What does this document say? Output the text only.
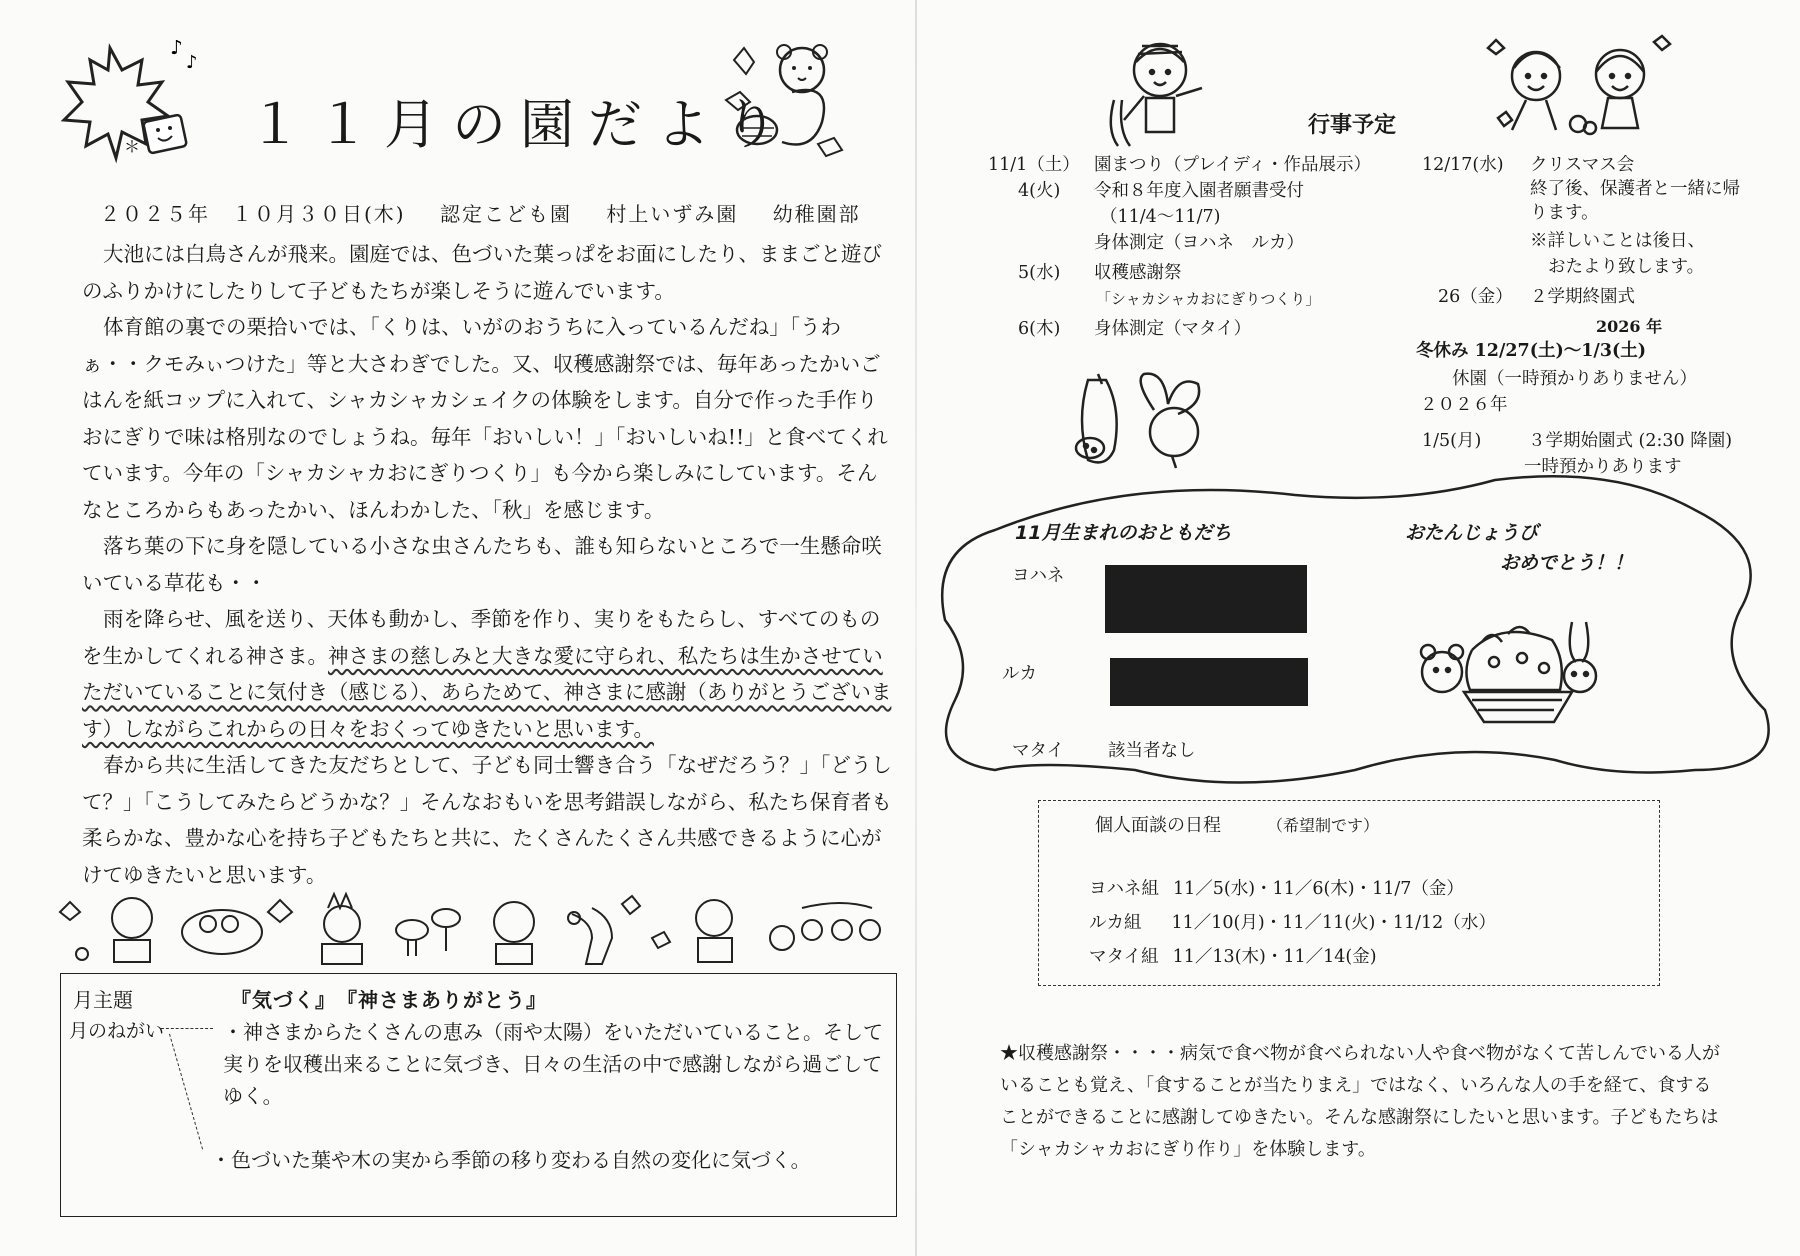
＊
♪
♪
１１月の園だより
２０２５年　１０月３０日(木) 認定こども園 村上いずみ園 幼稚園部

大池には白鳥さんが飛来。園庭では、色づいた葉っぱをお面にしたり、ままごと遊びのふりかけにしたりして子どもたちが楽しそうに遊んでいます。

体育館の裏での栗拾いでは、「くりは、いがのおうちに入っているんだね」「うわぁ・・クモみぃつけた」等と大さわぎでした。又、収穫感謝祭では、毎年あったかいごはんを紙コップに入れて、シャカシャカシェイクの体験をします。自分で作った手作りおにぎりで味は格別なのでしょうね。毎年「おいしい！」「おいしいね!!」と食べてくれています。今年の「シャカシャカおにぎりつくり」も今から楽しみにしています。そんなところからもあったかい、ほんわかした、「秋」を感じます。

落ち葉の下に身を隠している小さな虫さんたちも、誰も知らないところで一生懸命咲いている草花も・・

雨を降らせ、風を送り、天体も動かし、季節を作り、実りをもたらし、すべてのものを生かしてくれる神さま。神さまの慈しみと大きな愛に守られ、私たちは生かさせていただいていることに気付き（感じる）、あらためて、神さまに感謝（ありがとうございます）しながらこれからの日々をおくってゆきたいと思います。

春から共に生活してきた友だちとして、子ども同士響き合う「なぜだろう？」「どうして？」「こうしてみたらどうかな？」そんなおもいを思考錯誤しながら、私たち保育者も柔らかな、豊かな心を持ち子どもたちと共に、たくさんたくさん共感できるように心がけてゆきたいと思います。

月主題	『気づく』　『神さまありがとう』
月のねがい	・神さまからたくさんの恵み（雨や太陽）をいただいていること。そして実りを収穫出来ることに気づき、日々の生活の中で感謝しながら過ごしてゆく。
・色づいた葉や木の実から季節の移り変わる自然の変化に気づく。
行事予定
11/1（土） 園まつり（プレイディ・作品展示）
4(火) 令和８年度入園者願書受付
（11/4～11/7)
身体測定（ヨハネ　ルカ）
5(水) 収穫感謝祭
「シャカシャカおにぎりつくり」
6(木) 身体測定（マタイ）
12/17(水) クリスマス会
終了後、保護者と一緒に帰
ります。
※詳しいことは後日、
おたより致します。
26（金） ２学期終園式
2026 年
冬休み 12/27(土)～1/3(土)
休園（一時預かりありません）
２０２６年
1/5(月)	３学期始園式 (2:30 降園)
一時預かりあります
11月生まれのおともだち	おたんじょうび
おめでとう！！
ヨハネ
ルカ
マタイ	該当者なし
個人面談の日程	（希望制です）
ヨハネ組 11／5(水)・11／6(木)・11/7（金）
ルカ組 11／10(月)・11／11(火)・11/12（水）
マタイ組 11／13(木)・11／14(金)
★収穫感謝祭・・・・病気で食べ物が食べられない人や食べ物がなくて苦しんでいる人がいることも覚え、「食することが当たりまえ」ではなく、いろんな人の手を経て、食することができることに感謝してゆきたい。そんな感謝祭にしたいと思います。子どもたちは「シャカシャカおにぎり作り」を体験します。
